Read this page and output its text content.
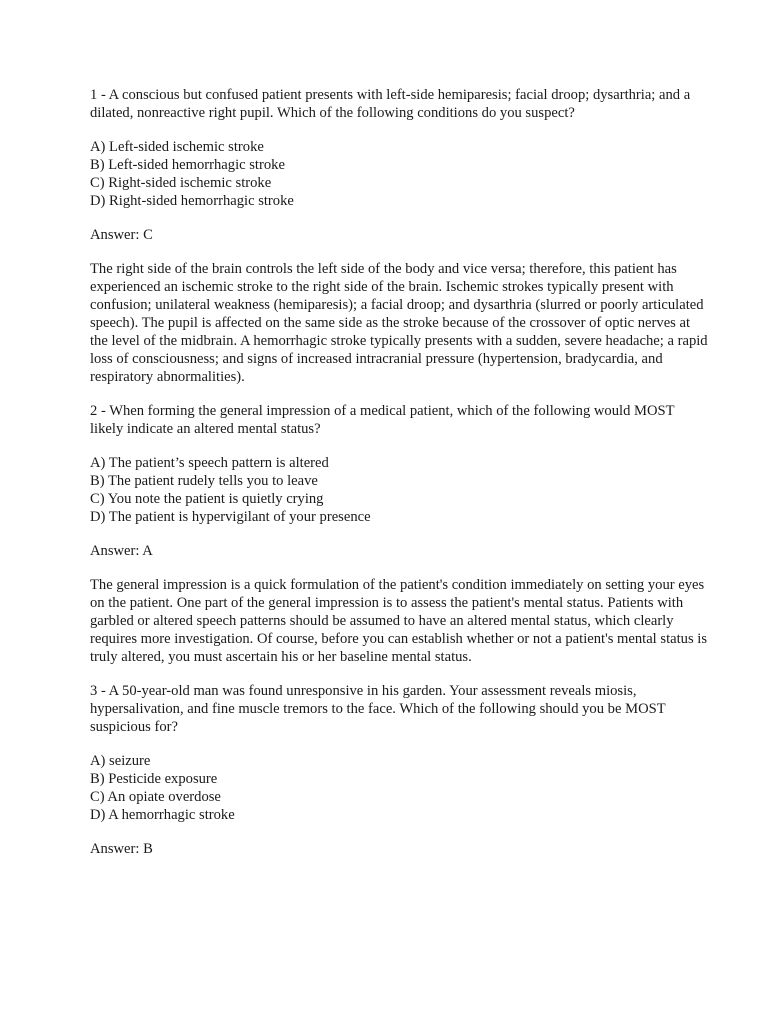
1 - A conscious but confused patient presents with left-side hemiparesis; facial droop; dysarthria; and a dilated, nonreactive right pupil. Which of the following conditions do you suspect?

A) Left-sided ischemic stroke
B) Left-sided hemorrhagic stroke
C) Right-sided ischemic stroke
D) Right-sided hemorrhagic stroke

Answer: C

The right side of the brain controls the left side of the body and vice versa; therefore, this patient has experienced an ischemic stroke to the right side of the brain. Ischemic strokes typically present with confusion; unilateral weakness (hemiparesis); a facial droop; and dysarthria (slurred or poorly articulated speech). The pupil is affected on the same side as the stroke because of the crossover of optic nerves at the level of the midbrain. A hemorrhagic stroke typically presents with a sudden, severe headache; a rapid loss of consciousness; and signs of increased intracranial pressure (hypertension, bradycardia, and respiratory abnormalities).

2 - When forming the general impression of a medical patient, which of the following would MOST likely indicate an altered mental status?

A) The patient’s speech pattern is altered
B) The patient rudely tells you to leave
C) You note the patient is quietly crying
D) The patient is hypervigilant of your presence

Answer: A

The general impression is a quick formulation of the patient's condition immediately on setting your eyes on the patient. One part of the general impression is to assess the patient's mental status. Patients with garbled or altered speech patterns should be assumed to have an altered mental status, which clearly requires more investigation. Of course, before you can establish whether or not a patient's mental status is truly altered, you must ascertain his or her baseline mental status.

3 - A 50-year-old man was found unresponsive in his garden. Your assessment reveals miosis, hypersalivation, and fine muscle tremors to the face. Which of the following should you be MOST suspicious for?

A) seizure
B) Pesticide exposure
C) An opiate overdose
D) A hemorrhagic stroke

Answer: B
